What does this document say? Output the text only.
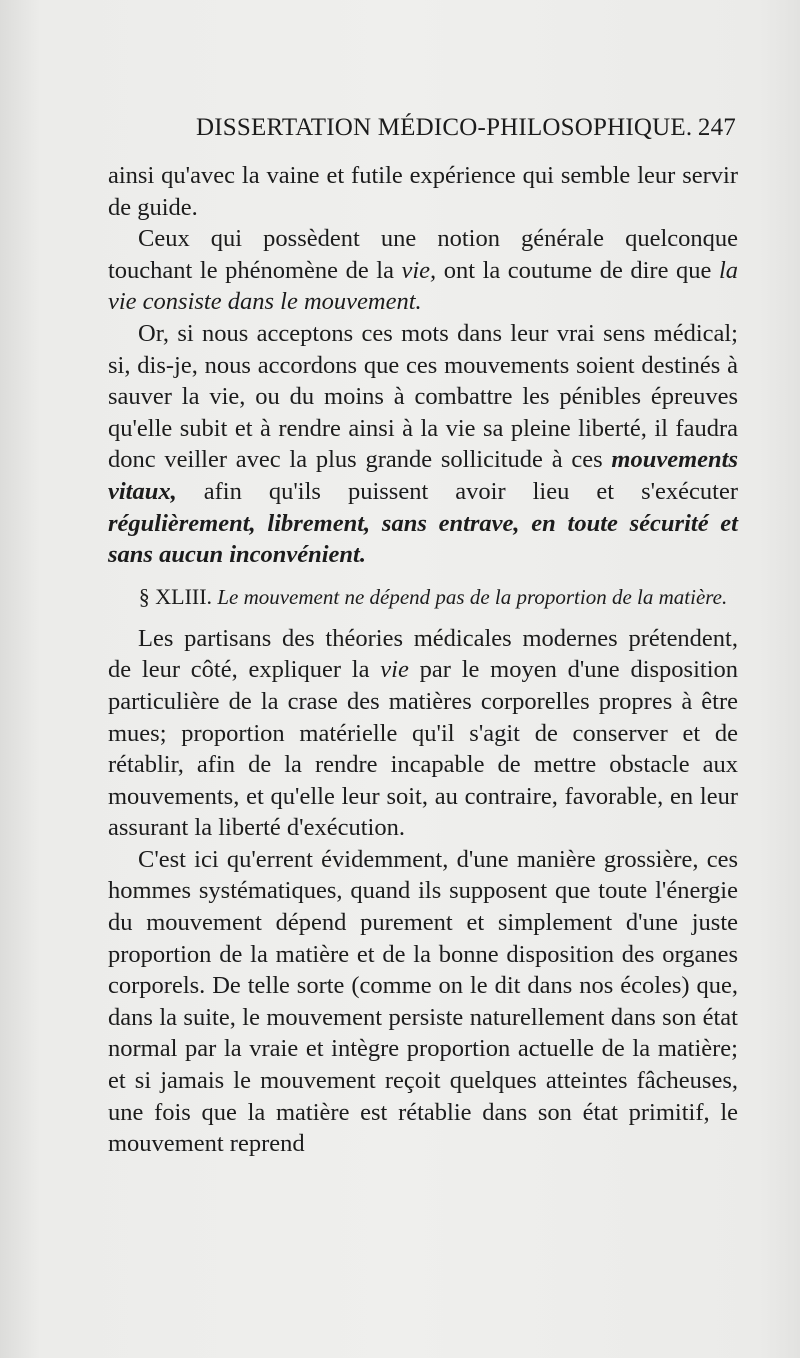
DISSERTATION MÉDICO-PHILOSOPHIQUE. 247

ainsi qu'avec la vaine et futile expérience qui semble leur servir de guide.

Ceux qui possèdent une notion générale quelconque touchant le phénomène de la vie, ont la coutume de dire que la vie consiste dans le mouvement.

Or, si nous acceptons ces mots dans leur vrai sens médical; si, dis-je, nous accordons que ces mouvements soient destinés à sauver la vie, ou du moins à combattre les pénibles épreuves qu'elle subit et à rendre ainsi à la vie sa pleine liberté, il faudra donc veiller avec la plus grande sollicitude à ces mouvements vitaux, afin qu'ils puissent avoir lieu et s'exécuter régulièrement, librement, sans entrave, en toute sécurité et sans aucun inconvénient.

§ XLIII. Le mouvement ne dépend pas de la proportion de la matière.

Les partisans des théories médicales modernes prétendent, de leur côté, expliquer la vie par le moyen d'une disposition particulière de la crase des matières corporelles propres à être mues; proportion matérielle qu'il s'agit de conserver et de rétablir, afin de la rendre incapable de mettre obstacle aux mouvements, et qu'elle leur soit, au contraire, favorable, en leur assurant la liberté d'exécution.

C'est ici qu'errent évidemment, d'une manière grossière, ces hommes systématiques, quand ils supposent que toute l'énergie du mouvement dépend purement et simplement d'une juste proportion de la matière et de la bonne disposition des organes corporels. De telle sorte (comme on le dit dans nos écoles) que, dans la suite, le mouvement persiste naturellement dans son état normal par la vraie et intègre proportion actuelle de la matière; et si jamais le mouvement reçoit quelques atteintes fâcheuses, une fois que la matière est rétablie dans son état primitif, le mouvement reprend
